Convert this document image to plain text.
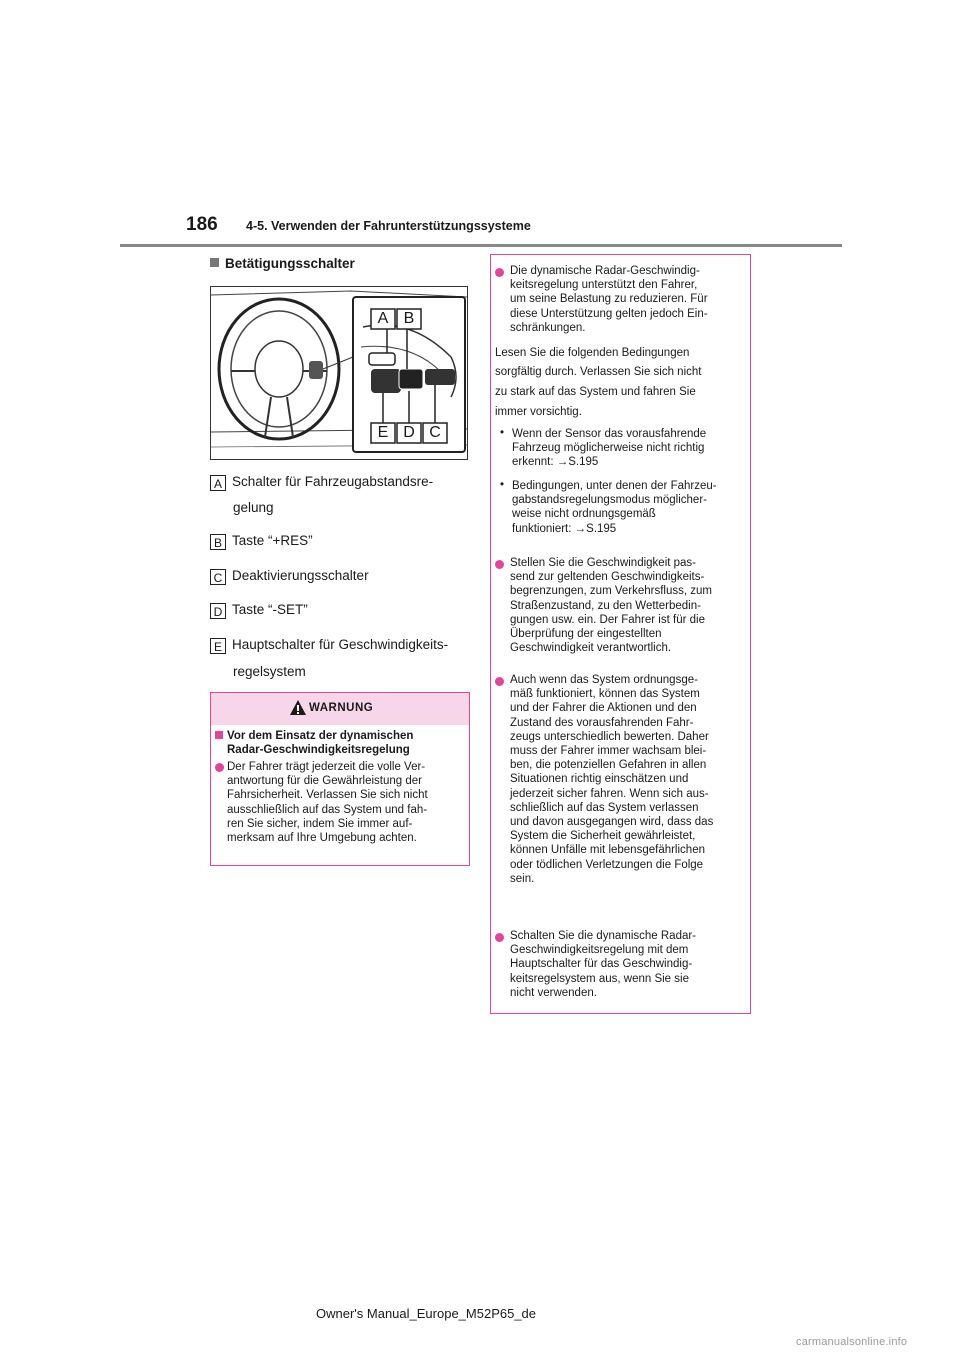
186 4-5. Verwenden der Fahrunterstützungssysteme
Betätigungsschalter
A B
E D C
A Schalter für Fahrzeugabstandsre-
gelung
B Taste “+RES”
C Deaktivierungsschalter
D Taste “-SET”
E Hauptschalter für Geschwindigkeits-
regelsystem
WARNUNG
Vor dem Einsatz der dynamischen
Radar-Geschwindigkeitsregelung
Der Fahrer trägt jederzeit die volle Ver-
antwortung für die Gewährleistung der
Fahrsicherheit. Verlassen Sie sich nicht
ausschließlich auf das System und fah-
ren Sie sicher, indem Sie immer auf-
merksam auf Ihre Umgebung achten.
Die dynamische Radar-Geschwindig-
keitsregelung unterstützt den Fahrer,
um seine Belastung zu reduzieren. Für
diese Unterstützung gelten jedoch Ein-
schränkungen.
Lesen Sie die folgenden Bedingungen
sorgfältig durch. Verlassen Sie sich nicht
zu stark auf das System und fahren Sie
immer vorsichtig.
• Wenn der Sensor das vorausfahrende
Fahrzeug möglicherweise nicht richtig
erkennt: →S.195
• Bedingungen, unter denen der Fahrzeu-
gabstandsregelungsmodus möglicher-
weise nicht ordnungsgemäß
funktioniert: →S.195
Stellen Sie die Geschwindigkeit pas-
send zur geltenden Geschwindigkeits-
begrenzungen, zum Verkehrsfluss, zum
Straßenzustand, zu den Wetterbedin-
gungen usw. ein. Der Fahrer ist für die
Überprüfung der eingestellten
Geschwindigkeit verantwortlich.
Auch wenn das System ordnungsge-
mäß funktioniert, können das System
und der Fahrer die Aktionen und den
Zustand des vorausfahrenden Fahr-
zeugs unterschiedlich bewerten. Daher
muss der Fahrer immer wachsam blei-
ben, die potenziellen Gefahren in allen
Situationen richtig einschätzen und
jederzeit sicher fahren. Wenn sich aus-
schließlich auf das System verlassen
und davon ausgegangen wird, dass das
System die Sicherheit gewährleistet,
können Unfälle mit lebensgefährlichen
oder tödlichen Verletzungen die Folge
sein.
Schalten Sie die dynamische Radar-
Geschwindigkeitsregelung mit dem
Hauptschalter für das Geschwindig-
keitsregelsystem aus, wenn Sie sie
nicht verwenden.
Owner's Manual_Europe_M52P65_de
carmanualsonline.info
